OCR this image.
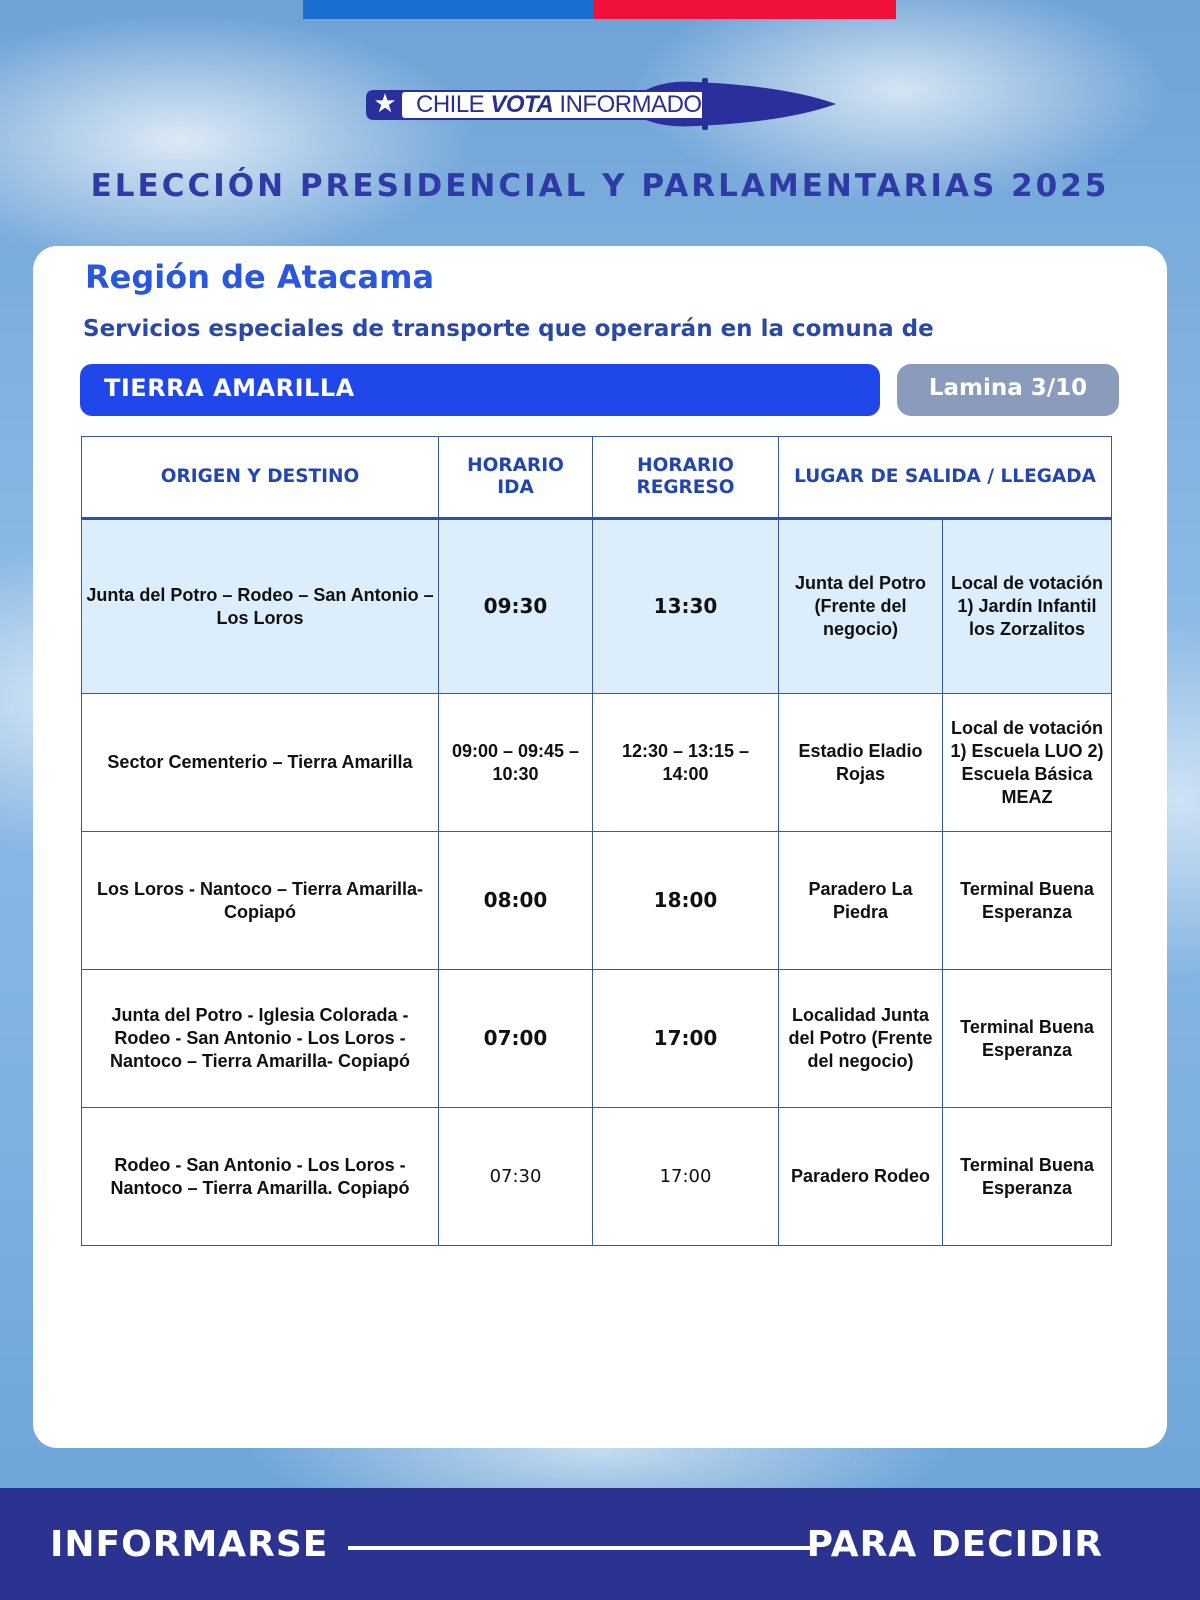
★ CHILE VOTA INFORMADO
ELECCIÓN PRESIDENCIAL Y PARLAMENTARIAS 2025
Región de Atacama
Servicios especiales de transporte que operarán en la comuna de
TIERRA AMARILLA	Lamina 3/10
ORIGEN Y DESTINO	HORARIO IDA	HORARIO REGRESO	LUGAR DE SALIDA / LLEGADA	
Junta del Potro – Rodeo – San Antonio – Los Loros	09:30	13:30	Junta del Potro (Frente del negocio)	Local de votación 1) Jardín Infantil los Zorzalitos
Sector Cementerio – Tierra Amarilla	09:00 – 09:45 – 10:30	12:30 – 13:15 – 14:00	Estadio Eladio Rojas	Local de votación 1) Escuela LUO 2) Escuela Básica MEAZ
Los Loros - Nantoco – Tierra Amarilla- Copiapó	08:00	18:00	Paradero La Piedra	Terminal Buena Esperanza
Junta del Potro - Iglesia Colorada - Rodeo - San Antonio - Los Loros - Nantoco – Tierra Amarilla- Copiapó	07:00	17:00	Localidad Junta del Potro (Frente del negocio)	Terminal Buena Esperanza
Rodeo - San Antonio - Los Loros - Nantoco – Tierra Amarilla. Copiapó	07:30	17:00	Paradero Rodeo	Terminal Buena Esperanza
INFORMARSE	PARA DECIDIR
